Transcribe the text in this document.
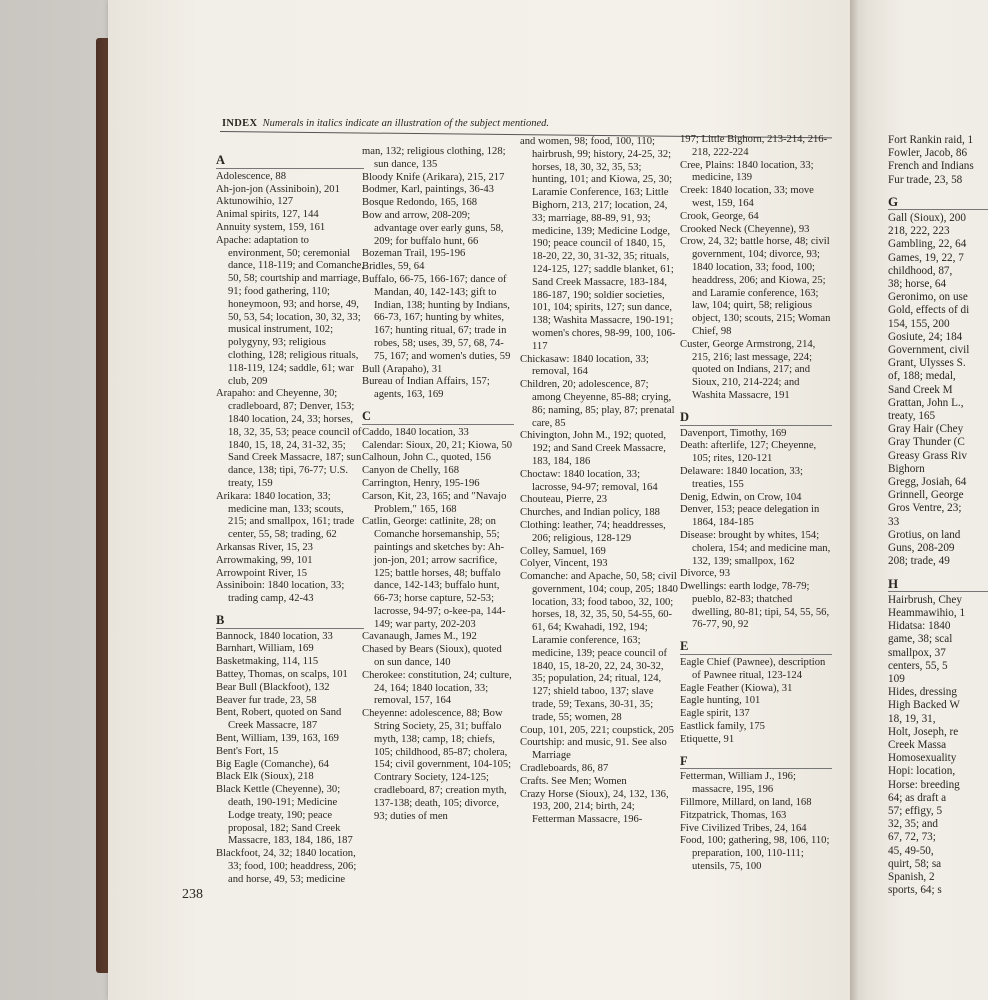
INDEX Numerals in italics indicate an illustration of the subject mentioned.
A

Adolescence, 88

Ah-jon-jon (Assiniboin), 201

Aktunowihio, 127

Animal spirits, 127, 144

Annuity system, 159, 161

Apache: adaptation to environment, 50; ceremonial dance, 118-119; and Comanche, 50, 58; courtship and marriage, 91; food gathering, 110; honeymoon, 93; and horse, 49, 50, 53, 54; location, 30, 32, 33; musical instrument, 102; polygyny, 93; religious clothing, 128; religious rituals, 118-119, 124; saddle, 61; war club, 209

Arapaho: and Cheyenne, 30; cradleboard, 87; Denver, 153; 1840 location, 24, 33; horses, 18, 32, 35, 53; peace council of 1840, 15, 18, 24, 31-32, 35; Sand Creek Massacre, 187; sun dance, 138; tipi, 76-77; U.S. treaty, 159

Arikara: 1840 location, 33; medicine man, 133; scouts, 215; and smallpox, 161; trade center, 55, 58; trading, 62

Arkansas River, 15, 23

Arrowmaking, 99, 101

Arrowpoint River, 15

Assiniboin: 1840 location, 33; trading camp, 42-43

B

Bannock, 1840 location, 33

Barnhart, William, 169

Basketmaking, 114, 115

Battey, Thomas, on scalps, 101

Bear Bull (Blackfoot), 132

Beaver fur trade, 23, 58

Bent, Robert, quoted on Sand Creek Massacre, 187

Bent, William, 139, 163, 169

Bent's Fort, 15

Big Eagle (Comanche), 64

Black Elk (Sioux), 218

Black Kettle (Cheyenne), 30; death, 190-191; Medicine Lodge treaty, 190; peace proposal, 182; Sand Creek Massacre, 183, 184, 186, 187

Blackfoot, 24, 32; 1840 location, 33; food, 100; headdress, 206; and horse, 49, 53; medicine

man, 132; religious clothing, 128; sun dance, 135

Bloody Knife (Arikara), 215, 217

Bodmer, Karl, paintings, 36-43

Bosque Redondo, 165, 168

Bow and arrow, 208-209; advantage over early guns, 58, 209; for buffalo hunt, 66

Bozeman Trail, 195-196

Bridles, 59, 64

Buffalo, 66-75, 166-167; dance of Mandan, 40, 142-143; gift to Indian, 138; hunting by Indians, 66-73, 167; hunting by whites, 167; hunting ritual, 67; trade in robes, 58; uses, 39, 57, 68, 74-75, 167; and women's duties, 59

Bull (Arapaho), 31

Bureau of Indian Affairs, 157; agents, 163, 169

C

Caddo, 1840 location, 33

Calendar: Sioux, 20, 21; Kiowa, 50

Calhoun, John C., quoted, 156

Canyon de Chelly, 168

Carrington, Henry, 195-196

Carson, Kit, 23, 165; and "Navajo Problem," 165, 168

Catlin, George: catlinite, 28; on Comanche horsemanship, 55; paintings and sketches by: Ah-jon-jon, 201; arrow sacrifice, 125; battle horses, 48; buffalo dance, 142-143; buffalo hunt, 66-73; horse capture, 52-53; lacrosse, 94-97; o-kee-pa, 144-149; war party, 202-203

Cavanaugh, James M., 192

Chased by Bears (Sioux), quoted on sun dance, 140

Cherokee: constitution, 24; culture, 24, 164; 1840 location, 33; removal, 157, 164

Cheyenne: adolescence, 88; Bow String Society, 25, 31; buffalo myth, 138; camp, 18; chiefs, 105; childhood, 85-87; cholera, 154; civil government, 104-105; Contrary Society, 124-125; cradleboard, 87; creation myth, 137-138; death, 105; divorce, 93; duties of men

and women, 98; food, 100, 110; hairbrush, 99; history, 24-25, 32; horses, 18, 30, 32, 35, 53; hunting, 101; and Kiowa, 25, 30; Laramie Conference, 163; Little Bighorn, 213, 217; location, 24, 33; marriage, 88-89, 91, 93; medicine, 139; Medicine Lodge, 190; peace council of 1840, 15, 18-20, 22, 30, 31-32, 35; rituals, 124-125, 127; saddle blanket, 61; Sand Creek Massacre, 183-184, 186-187, 190; soldier societies, 101, 104; spirits, 127; sun dance, 138; Washita Massacre, 190-191; women's chores, 98-99, 100, 106-117

Chickasaw: 1840 location, 33; removal, 164

Children, 20; adolescence, 87; among Cheyenne, 85-88; crying, 86; naming, 85; play, 87; prenatal care, 85

Chivington, John M., 192; quoted, 192; and Sand Creek Massacre, 183, 184, 186

Choctaw: 1840 location, 33; lacrosse, 94-97; removal, 164

Chouteau, Pierre, 23

Churches, and Indian policy, 188

Clothing: leather, 74; headdresses, 206; religious, 128-129

Colley, Samuel, 169

Colyer, Vincent, 193

Comanche: and Apache, 50, 58; civil government, 104; coup, 205; 1840 location, 33; food taboo, 32, 100; horses, 18, 32, 35, 50, 54-55, 60-61, 64; Kwahadi, 192, 194; Laramie conference, 163; medicine, 139; peace council of 1840, 15, 18-20, 22, 24, 30-32, 35; population, 24; ritual, 124, 127; shield taboo, 137; slave trade, 59; Texans, 30-31, 35; trade, 55; women, 28

Coup, 101, 205, 221; coupstick, 205

Courtship: and music, 91. See also Marriage

Cradleboards, 86, 87

Crafts. See Men; Women

Crazy Horse (Sioux), 24, 132, 136, 193, 200, 214; birth, 24; Fetterman Massacre, 196-

197; Little Bighorn, 213-214, 216-218, 222-224

Cree, Plains: 1840 location, 33; medicine, 139

Creek: 1840 location, 33; move west, 159, 164

Crook, George, 64

Crooked Neck (Cheyenne), 93

Crow, 24, 32; battle horse, 48; civil government, 104; divorce, 93; 1840 location, 33; food, 100; headdress, 206; and Kiowa, 25; and Laramie conference, 163; law, 104; quirt, 58; religious object, 130; scouts, 215; Woman Chief, 98

Custer, George Armstrong, 214, 215, 216; last message, 224; quoted on Indians, 217; and Sioux, 210, 214-224; and Washita Massacre, 191

D

Davenport, Timothy, 169

Death: afterlife, 127; Cheyenne, 105; rites, 120-121

Delaware: 1840 location, 33; treaties, 155

Denig, Edwin, on Crow, 104

Denver, 153; peace delegation in 1864, 184-185

Disease: brought by whites, 154; cholera, 154; and medicine man, 132, 139; smallpox, 162

Divorce, 93

Dwellings: earth lodge, 78-79; pueblo, 82-83; thatched dwelling, 80-81; tipi, 54, 55, 56, 76-77, 90, 92

E

Eagle Chief (Pawnee), description of Pawnee ritual, 123-124

Eagle Feather (Kiowa), 31

Eagle hunting, 101

Eagle spirit, 137

Eastlick family, 175

Etiquette, 91

F

Fetterman, William J., 196; massacre, 195, 196

Fillmore, Millard, on land, 168

Fitzpatrick, Thomas, 163

Five Civilized Tribes, 24, 164

Food, 100; gathering, 98, 106, 110; preparation, 100, 110-111; utensils, 75, 100

Fort Rankin raid, 1

Fowler, Jacob, 86

French and Indians

Fur trade, 23, 58

G

Gall (Sioux), 200

218, 222, 223

Gambling, 22, 64

Games, 19, 22, 7

childhood, 87,

38; horse, 64

Geronimo, on use

Gold, effects of di

154, 155, 200

Gosiute, 24; 184

Government, civil

Grant, Ulysses S.

of, 188; medal,

Sand Creek M

Grattan, John L.,

treaty, 165

Gray Hair (Chey

Gray Thunder (C

Greasy Grass Riv

Bighorn

Gregg, Josiah, 64

Grinnell, George

Gros Ventre, 23;

33

Grotius, on land

Guns, 208-209

208; trade, 49

H

Hairbrush, Chey

Heammawihio, 1

Hidatsa: 1840

game, 38; scal

smallpox, 37

centers, 55, 5

109

Hides, dressing

High Backed W

18, 19, 31,

Holt, Joseph, re

Creek Massa

Homosexuality

Hopi: location,

Horse: breeding

64; as draft a

57; effigy, 5

32, 35; and

67, 72, 73;

45, 49-50,

quirt, 58; sa

Spanish, 2

sports, 64; s

238
